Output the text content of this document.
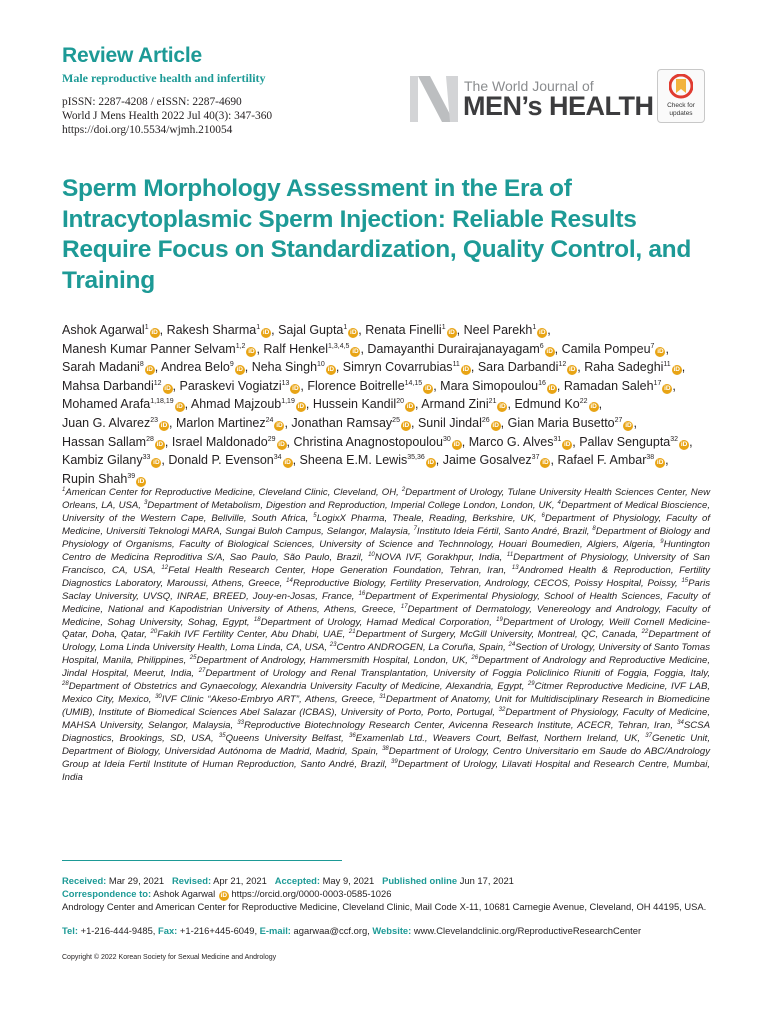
Review Article
Male reproductive health and infertility
pISSN: 2287-4208 / eISSN: 2287-4690
World J Mens Health 2022 Jul 40(3): 347-360
https://doi.org/10.5534/wjmh.210054
The World Journal of
MEN’s HEALTH	Check for
updates
Sperm Morphology Assessment in the Era of Intracytoplasmic Sperm Injection: Reliable Results Require Focus on Standardization, Quality Control, and Training
Ashok Agarwal$^1$iD , Rakesh Sharma$^1$iD , Sajal Gupta$^1$iD , Renata Finelli$^1$iD , Neel Parekh$^1$iD , Manesh Kumar Panner Selvam$^{1,2}$iD , Ralf Henkel$^{1,3,4,5}$iD , Damayanthi Durairajanayagam$^6$iD , Camila Pompeu$^7$iD , Sarah Madani$^8$iD , Andrea Belo$^9$iD , Neha Singh$^{10}$iD , Simryn Covarrubias$^{11}$iD , Sara Darbandi$^{12}$iD , Raha Sadeghi$^{11}$iD , Mahsa Darbandi$^{12}$iD , Paraskevi Vogiatzi$^{13}$iD , Florence Boitrelle$^{14,15}$iD , Mara Simopoulou$^{16}$iD , Ramadan Saleh$^{17}$iD , Mohamed Arafa$^{1,18,19}$iD , Ahmad Majzoub$^{1,19}$iD , Hussein Kandil$^{20}$iD , Armand Zini$^{21}$iD , Edmund Ko$^{22}$iD , Juan G. Alvarez$^{23}$iD , Marlon Martinez$^{24}$iD , Jonathan Ramsay$^{25}$iD , Sunil Jindal$^{26}$iD , Gian Maria Busetto$^{27}$iD , Hassan Sallam$^{28}$iD , Israel Maldonado$^{29}$iD , Christina Anagnostopoulou$^{30}$iD , Marco G. Alves$^{31}$iD , Pallav Sengupta$^{32}$iD , Kambiz Gilany$^{33}$iD , Donald P. Evenson$^{34}$iD , Sheena E.M. Lewis$^{35,36}$iD , Jaime Gosalvez$^{37}$iD , Rafael F. Ambar$^{38}$iD , Rupin Shah$^{39}$iD
$^1$American Center for Reproductive Medicine, Cleveland Clinic, Cleveland, OH, $^2$Department of Urology, Tulane University Health Sciences Center, New Orleans, LA, USA, $^3$Department of Metabolism, Digestion and Reproduction, Imperial College London, London, UK, $^4$Department of Medical Bioscience, University of the Western Cape, Bellville, South Africa, $^5$LogixX Pharma, Theale, Reading, Berkshire, UK, $^6$Department of Physiology, Faculty of Medicine, Universiti Teknologi MARA, Sungai Buloh Campus, Selangor, Malaysia, $^7$Instituto Ideia Fértil, Santo André, Brazil, $^8$Department of Biology and Physiology of Organisms, Faculty of Biological Sciences, University of Science and Technnology, Houari Boumedien, Algiers, Algeria, $^9$Huntington Centro de Medicina Reproditiva S/A, Sao Paulo, São Paulo, Brazil, $^{10}$NOVA IVF, Gorakhpur, India, $^{11}$Department of Physiology, University of San Francisco, CA, USA, $^{12}$Fetal Health Research Center, Hope Generation Foundation, Tehran, Iran, $^{13}$Andromed Health & Reproduction, Fertility Diagnostics Laboratory, Maroussi, Athens, Greece, $^{14}$Reproductive Biology, Fertility Preservation, Andrology, CECOS, Poissy Hospital, Poissy, $^{15}$Paris Saclay University, UVSQ, INRAE, BREED, Jouy-en-Josas, France, $^{16}$Department of Experimental Physiology, School of Health Sciences, Faculty of Medicine, National and Kapodistrian University of Athens, Athens, Greece, $^{17}$Department of Dermatology, Venereology and Andrology, Faculty of Medicine, Sohag University, Sohag, Egypt, $^{18}$Department of Urology, Hamad Medical Corporation, $^{19}$Department of Urology, Weill Cornell Medicine-Qatar, Doha, Qatar, $^{20}$Fakih IVF Fertility Center, Abu Dhabi, UAE, $^{21}$Department of Surgery, McGill University, Montreal, QC, Canada, $^{22}$Department of Urology, Loma Linda University Health, Loma Linda, CA, USA, $^{23}$Centro ANDROGEN, La Coruña, Spain, $^{24}$Section of Urology, University of Santo Tomas Hospital, Manila, Philippines, $^{25}$Department of Andrology, Hammersmith Hospital, London, UK, $^{26}$Department of Andrology and Reproductive Medicine, Jindal Hospital, Meerut, India, $^{27}$Department of Urology and Renal Transplantation, University of Foggia Policlinico Riuniti of Foggia, Foggia, Italy, $^{28}$Department of Obstetrics and Gynaecology, Alexandria University Faculty of Medicine, Alexandria, Egypt, $^{29}$Citmer Reproductive Medicine, IVF LAB, Mexico City, Mexico, $^{30}$IVF Clinic “Akeso-Embryo ART”, Athens, Greece, $^{31}$Department of Anatomy, Unit for Multidisciplinary Research in Biomedicine (UMIB), Institute of Biomedical Sciences Abel Salazar (ICBAS), University of Porto, Porto, Portugal, $^{32}$Department of Physiology, Faculty of Medicine, MAHSA University, Selangor, Malaysia, $^{33}$Reproductive Biotechnology Research Center, Avicenna Research Institute, ACECR, Tehran, Iran, $^{34}$SCSA Diagnostics, Brookings, SD, USA, $^{35}$Queens University Belfast, $^{36}$Examenlab Ltd., Weavers Court, Belfast, Northern Ireland, UK, $^{37}$Genetic Unit, Department of Biology, Universidad Autónoma de Madrid, Madrid, Spain, $^{38}$Department of Urology, Centro Universitario em Saude do ABC/Andrology Group at Ideia Fertil Institute of Human Reproduction, Santo André, Brazil, $^{39}$Department of Urology, Lilavati Hospital and Research Centre, Mumbai, India
Received: Mar 29, 2021 Revised: Apr 21, 2021 Accepted: May 9, 2021 Published online Jun 17, 2021
Correspondence to: Ashok Agarwal iD https://orcid.org/0000-0003-0585-1026
Andrology Center and American Center for Reproductive Medicine, Cleveland Clinic, Mail Code X-11, 10681 Carnegie Avenue, Cleveland, OH 44195, USA.
Tel: +1-216-444-9485, Fax: +1-216+445-6049, E-mail: agarwaa@ccf.org, Website: www.Clevelandclinic.org/ReproductiveResearchCenter
Copyright © 2022 Korean Society for Sexual Medicine and Andrology
